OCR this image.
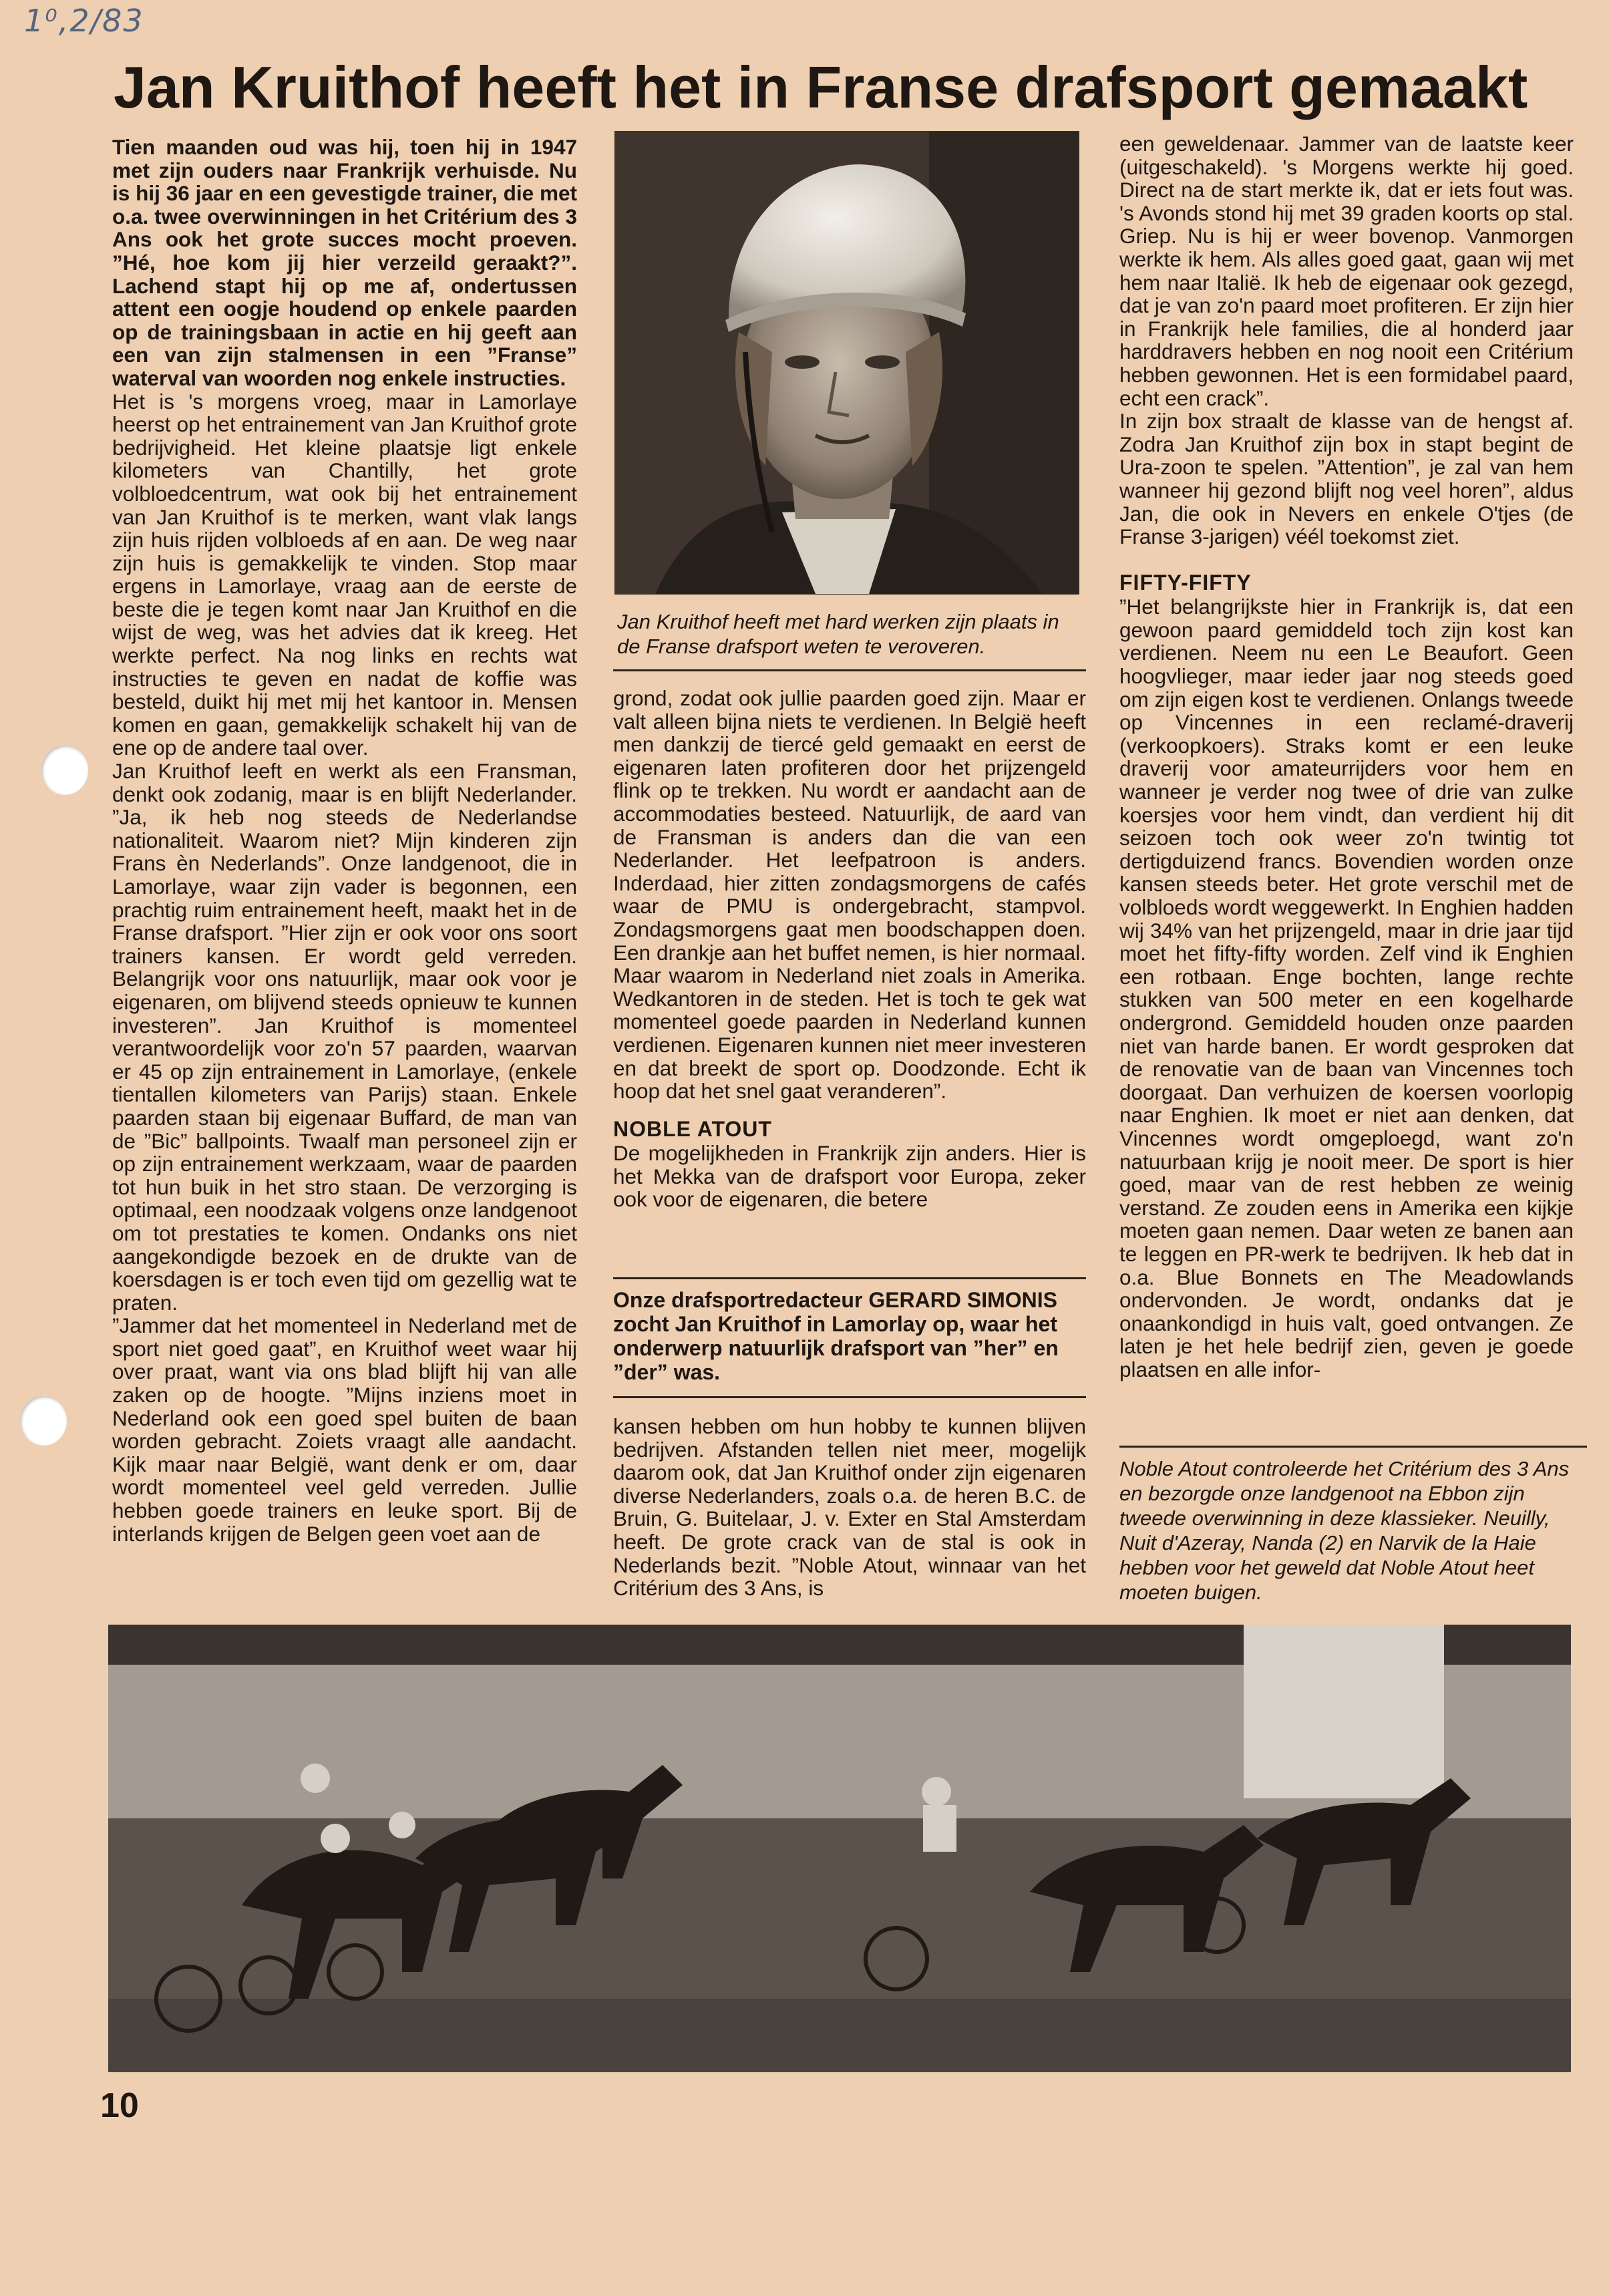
1⁰,2/83
Jan Kruithof heeft het in Franse drafsport gemaakt

Tien maanden oud was hij, toen hij in 1947 met zijn ouders naar Frankrijk verhuisde. Nu is hij 36 jaar en een gevestigde trainer, die met o.a. twee overwinningen in het Critérium des 3 Ans ook het grote succes mocht proeven. ”Hé, hoe kom jij hier verzeild geraakt?”. Lachend stapt hij op me af, ondertussen attent een oogje houdend op enkele paarden op de trainingsbaan in actie en hij geeft aan een van zijn stalmensen in een ”Franse” waterval van woorden nog enkele instructies.

Het is 's morgens vroeg, maar in Lamorlaye heerst op het entrainement van Jan Kruithof grote bedrijvigheid. Het kleine plaatsje ligt enkele kilometers van Chantilly, het grote volbloedcentrum, wat ook bij het entrainement van Jan Kruithof is te merken, want vlak langs zijn huis rijden volbloeds af en aan. De weg naar zijn huis is gemakkelijk te vinden. Stop maar ergens in Lamorlaye, vraag aan de eerste de beste die je tegen komt naar Jan Kruithof en die wijst de weg, was het advies dat ik kreeg. Het werkte perfect. Na nog links en rechts wat instructies te geven en nadat de koffie was besteld, duikt hij met mij het kantoor in. Mensen komen en gaan, gemakkelijk schakelt hij van de ene op de andere taal over.

Jan Kruithof leeft en werkt als een Fransman, denkt ook zodanig, maar is en blijft Nederlander. ”Ja, ik heb nog steeds de Nederlandse nationaliteit. Waarom niet? Mijn kinderen zijn Frans èn Nederlands”. Onze landgenoot, die in Lamorlaye, waar zijn vader is begonnen, een prachtig ruim entrainement heeft, maakt het in de Franse drafsport. ”Hier zijn er ook voor ons soort trainers kansen. Er wordt geld verreden. Belangrijk voor ons natuurlijk, maar ook voor je eigenaren, om blijvend steeds opnieuw te kunnen investeren”. Jan Kruithof is momenteel verantwoordelijk voor zo'n 57 paarden, waarvan er 45 op zijn entrainement in Lamorlaye, (enkele tientallen kilometers van Parijs) staan. Enkele paarden staan bij eigenaar Buffard, de man van de ”Bic” ballpoints. Twaalf man personeel zijn er op zijn entrainement werkzaam, waar de paarden tot hun buik in het stro staan. De verzorging is optimaal, een noodzaak volgens onze landgenoot om tot prestaties te komen. Ondanks ons niet aangekondigde bezoek en de drukte van de koersdagen is er toch even tijd om gezellig wat te praten.

”Jammer dat het momenteel in Nederland met de sport niet goed gaat”, en Kruithof weet waar hij over praat, want via ons blad blijft hij van alle zaken op de hoogte. ”Mijns inziens moet in Nederland ook een goed spel buiten de baan worden gebracht. Zoiets vraagt alle aandacht. Kijk maar naar België, want denk er om, daar wordt momenteel veel geld verreden. Jullie hebben goede trainers en leuke sport. Bij de interlands krijgen de Belgen geen voet aan de

Jan Kruithof heeft met hard werken zijn plaats in de Franse drafsport weten te veroveren.

grond, zodat ook jullie paarden goed zijn. Maar er valt alleen bijna niets te verdienen. In België heeft men dankzij de tiercé geld gemaakt en eerst de eigenaren laten profiteren door het prijzengeld flink op te trekken. Nu wordt er aandacht aan de accommodaties besteed. Natuurlijk, de aard van de Fransman is anders dan die van een Nederlander. Het leefpatroon is anders. Inderdaad, hier zitten zondagsmorgens de cafés waar de PMU is ondergebracht, stampvol. Zondagsmorgens gaat men boodschappen doen. Een drankje aan het buffet nemen, is hier normaal. Maar waarom in Nederland niet zoals in Amerika. Wedkantoren in de steden. Het is toch te gek wat momenteel goede paarden in Nederland kunnen verdienen. Eigenaren kunnen niet meer investeren en dat breekt de sport op. Doodzonde. Echt ik hoop dat het snel gaat veranderen”.

NOBLE ATOUT

De mogelijkheden in Frankrijk zijn anders. Hier is het Mekka van de drafsport voor Europa, zeker ook voor de eigenaren, die betere

Onze drafsportredacteur GERARD SIMONIS zocht Jan Kruithof in Lamorlay op, waar het onderwerp natuurlijk drafsport van ”her” en ”der” was.

kansen hebben om hun hobby te kunnen blijven bedrijven. Afstanden tellen niet meer, mogelijk daarom ook, dat Jan Kruithof onder zijn eigenaren diverse Nederlanders, zoals o.a. de heren B.C. de Bruin, G. Buitelaar, J. v. Exter en Stal Amsterdam heeft. De grote crack van de stal is ook in Nederlands bezit. ”Noble Atout, winnaar van het Critérium des 3 Ans, is

een geweldenaar. Jammer van de laatste keer (uitgeschakeld). 's Morgens werkte hij goed. Direct na de start merkte ik, dat er iets fout was. 's Avonds stond hij met 39 graden koorts op stal. Griep. Nu is hij er weer bovenop. Vanmorgen werkte ik hem. Als alles goed gaat, gaan wij met hem naar Italië. Ik heb de eigenaar ook gezegd, dat je van zo'n paard moet profiteren. Er zijn hier in Frankrijk hele families, die al honderd jaar harddravers hebben en nog nooit een Critérium hebben gewonnen. Het is een formidabel paard, echt een crack”.

In zijn box straalt de klasse van de hengst af. Zodra Jan Kruithof zijn box in stapt begint de Ura-zoon te spelen. ”Attention”, je zal van hem wanneer hij gezond blijft nog veel horen”, aldus Jan, die ook in Nevers en enkele O'tjes (de Franse 3-jarigen) véél toekomst ziet.

FIFTY-FIFTY

”Het belangrijkste hier in Frankrijk is, dat een gewoon paard gemiddeld toch zijn kost kan verdienen. Neem nu een Le Beaufort. Geen hoogvlieger, maar ieder jaar nog steeds goed om zijn eigen kost te verdienen. Onlangs tweede op Vincennes in een reclamé-draverij (verkoopkoers). Straks komt er een leuke draverij voor amateurrijders voor hem en wanneer je verder nog twee of drie van zulke koersjes voor hem vindt, dan verdient hij dit seizoen toch ook weer zo'n twintig tot dertigduizend francs. Bovendien worden onze kansen steeds beter. Het grote verschil met de volbloeds wordt weggewerkt. In Enghien hadden wij 34% van het prijzengeld, maar in drie jaar tijd moet het fifty-fifty worden. Zelf vind ik Enghien een rotbaan. Enge bochten, lange rechte stukken van 500 meter en een kogelharde ondergrond. Gemiddeld houden onze paarden niet van harde banen. Er wordt gesproken dat de renovatie van de baan van Vincennes toch doorgaat. Dan verhuizen de koersen voorlopig naar Enghien. Ik moet er niet aan denken, dat Vincennes wordt omgeploegd, want zo'n natuurbaan krijg je nooit meer. De sport is hier goed, maar van de rest hebben ze weinig verstand. Ze zouden eens in Amerika een kijkje moeten gaan nemen. Daar weten ze banen aan te leggen en PR-werk te bedrijven. Ik heb dat in o.a. Blue Bonnets en The Meadowlands ondervonden. Je wordt, ondanks dat je onaankondigd in huis valt, goed ontvangen. Ze laten je het hele bedrijf zien, geven je goede plaatsen en alle infor-

Noble Atout controleerde het Critérium des 3 Ans en bezorgde onze landgenoot na Ebbon zijn tweede overwinning in deze klassieker. Neuilly, Nuit d'Azeray, Nanda (2) en Narvik de la Haie hebben voor het geweld dat Noble Atout heet moeten buigen.

10
